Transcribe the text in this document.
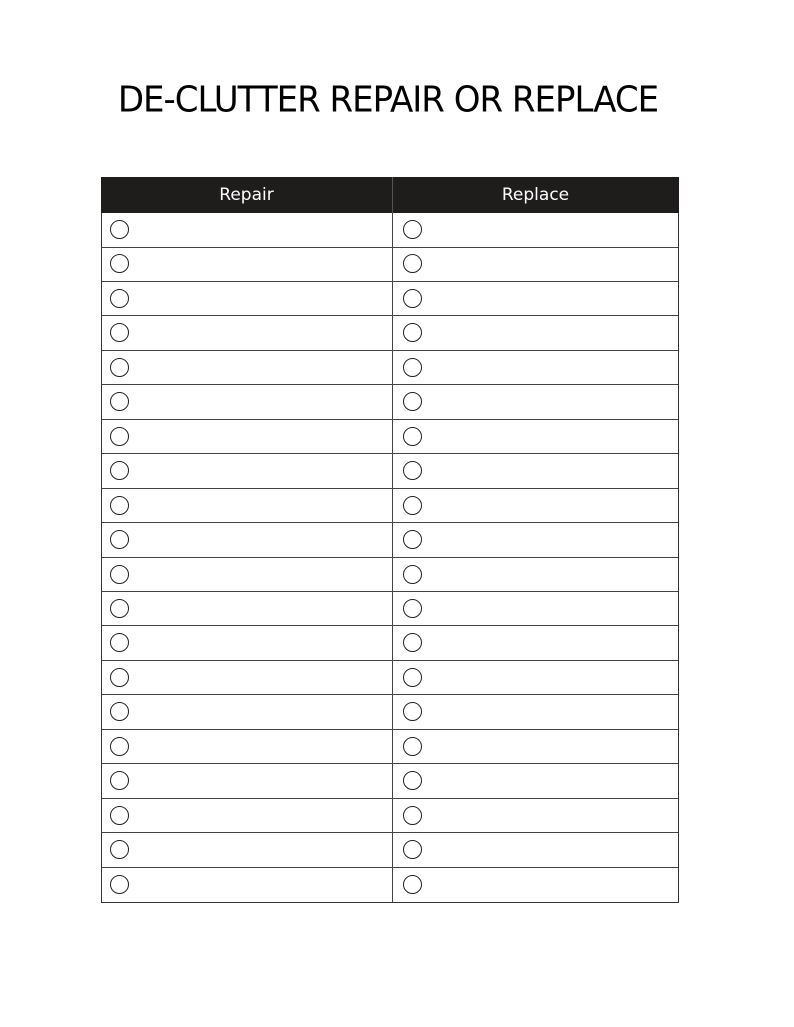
DE-CLUTTER REPAIR OR REPLACE
Repair	Replace
